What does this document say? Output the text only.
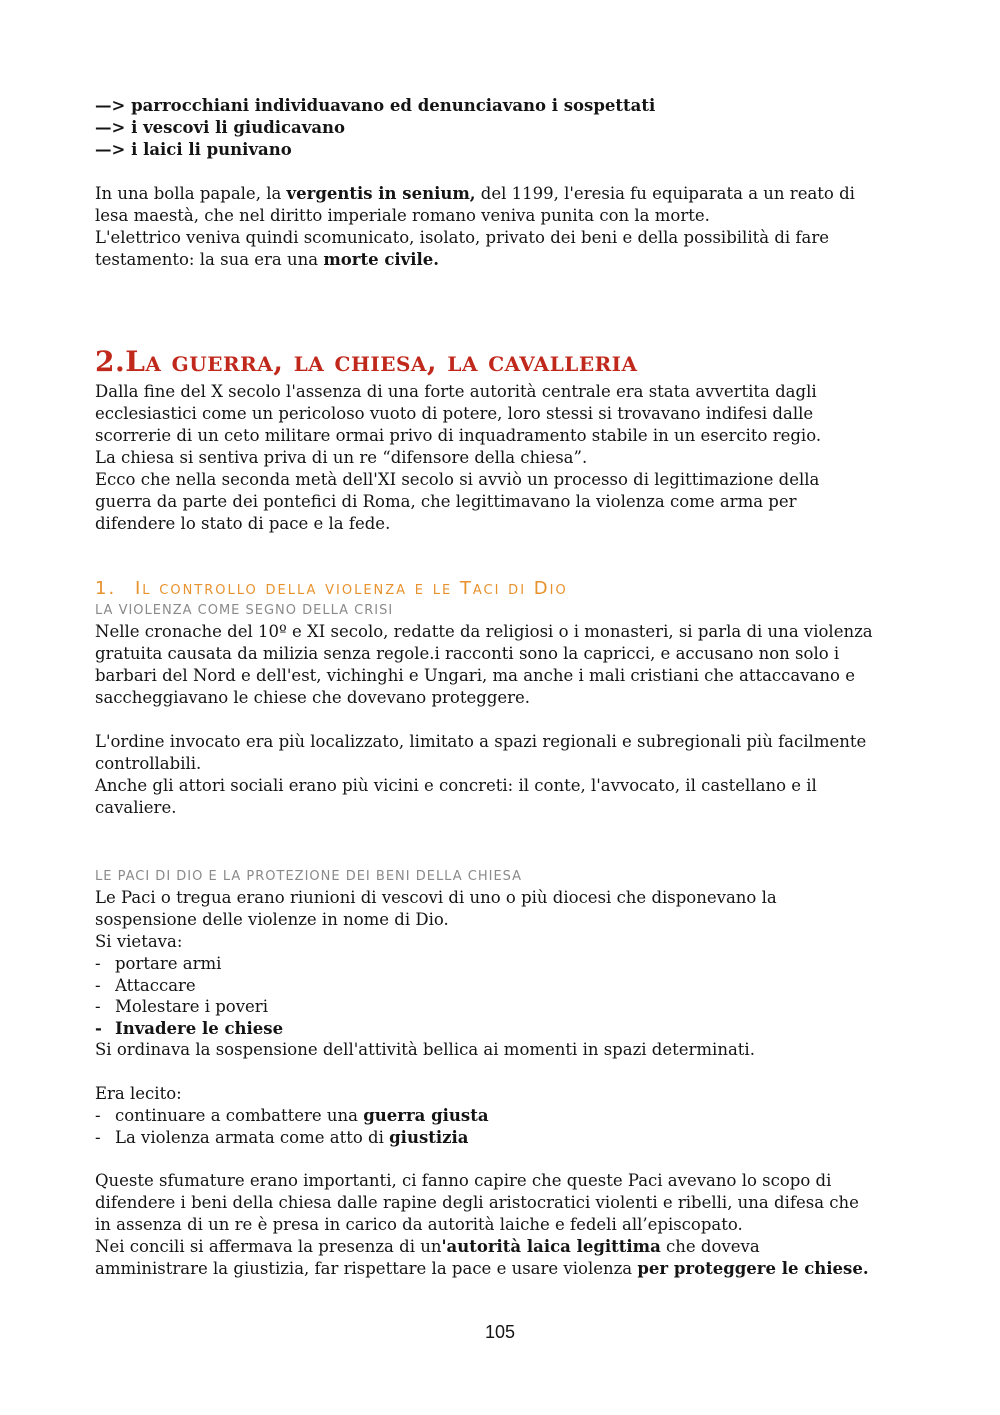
—> parrocchiani individuavano ed denunciavano i sospettati

—> i vescovi li giudicavano

—> i laici li punivano

In una bolla papale, la vergentis in senium, del 1199, l'eresia fu equiparata a un reato di

lesa maestà, che nel diritto imperiale romano veniva punita con la morte.

L'elettrico veniva quindi scomunicato, isolato, privato dei beni e della possibilità di fare

testamento: la sua era una morte civile.

2.La guerra, la chiesa, la cavalleria

Dalla fine del X secolo l'assenza di una forte autorità centrale era stata avvertita dagli

ecclesiastici come un pericoloso vuoto di potere, loro stessi si trovavano indifesi dalle

scorrerie di un ceto militare ormai privo di inquadramento stabile in un esercito regio.

La chiesa si sentiva priva di un re “difensore della chiesa”.

Ecco che nella seconda metà dell'XI secolo si avviò un processo di legittimazione della

guerra da parte dei pontefici di Roma, che legittimavano la violenza come arma per

difendere lo stato di pace e la fede.

1. Il controllo della violenza e le Taci di Dio

LA VIOLENZA COME SEGNO DELLA CRISI

Nelle cronache del 10º e XI secolo, redatte da religiosi o i monasteri, si parla di una violenza

gratuita causata da milizia senza regole.i racconti sono la capricci, e accusano non solo i

barbari del Nord e dell'est, vichinghi e Ungari, ma anche i mali cristiani che attaccavano e

saccheggiavano le chiese che dovevano proteggere.

L'ordine invocato era più localizzato, limitato a spazi regionali e subregionali più facilmente

controllabili.

Anche gli attori sociali erano più vicini e concreti: il conte, l'avvocato, il castellano e il

cavaliere.

LE PACI DI DIO E LA PROTEZIONE DEI BENI DELLA CHIESA

Le Paci o tregua erano riunioni di vescovi di uno o più diocesi che disponevano la

sospensione delle violenze in nome di Dio.

Si vietava:

- portare armi

- Attaccare

- Molestare i poveri

- Invadere le chiese

Si ordinava la sospensione dell'attività bellica ai momenti in spazi determinati.

Era lecito:

- continuare a combattere una guerra giusta

- La violenza armata come atto di giustizia

Queste sfumature erano importanti, ci fanno capire che queste Paci avevano lo scopo di

difendere i beni della chiesa dalle rapine degli aristocratici violenti e ribelli, una difesa che

in assenza di un re è presa in carico da autorità laiche e fedeli all’episcopato.

Nei concili si affermava la presenza di un'autorità laica legittima che doveva

amministrare la giustizia, far rispettare la pace e usare violenza per proteggere le chiese.

105
